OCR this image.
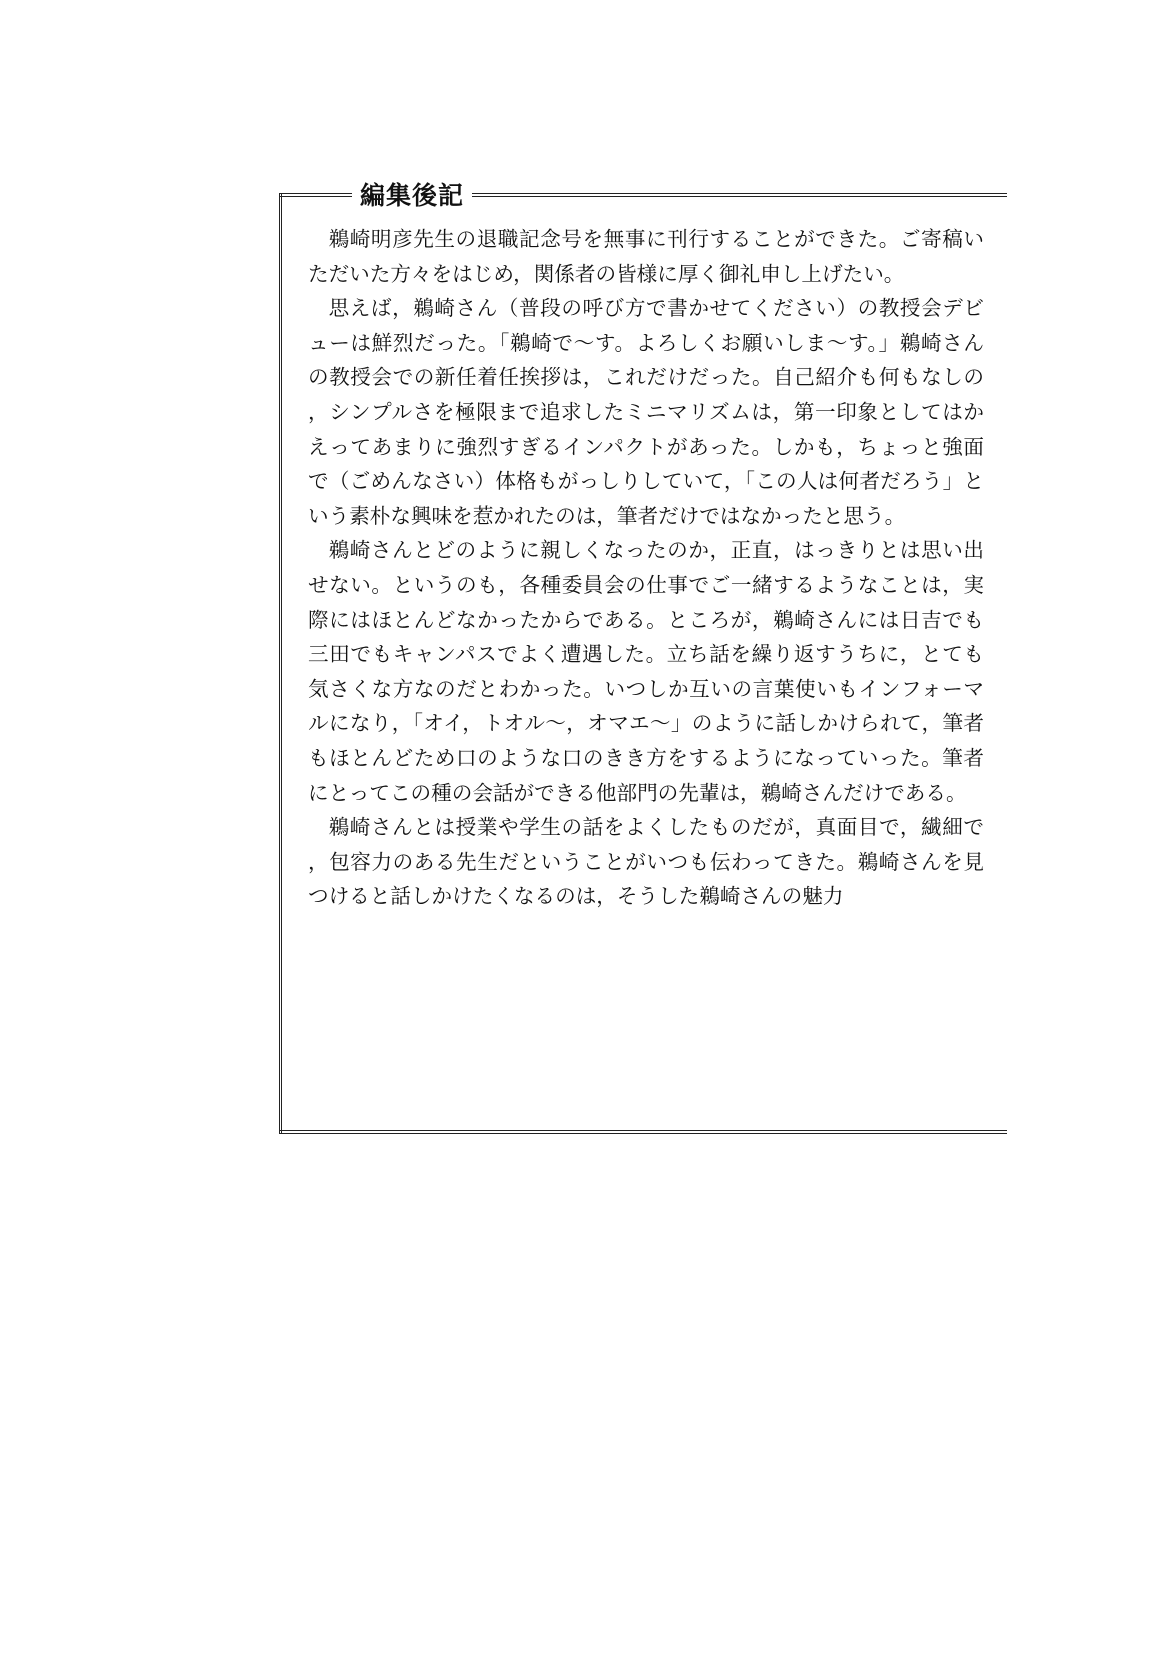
編集後記

鵜崎明彦先生の退職記念号を無事に刊行することができた。ご寄稿いただいた方々をはじめ，関係者の皆様に厚く御礼申し上げたい。

思えば，鵜崎さん（普段の呼び方で書かせてください）の教授会デビューは鮮烈だった。「鵜崎で〜す。よろしくお願いしま〜す。」鵜崎さんの教授会での新任着任挨拶は，これだけだった。自己紹介も何もなしの，シンプルさを極限まで追求したミニマリズムは，第一印象としてはかえってあまりに強烈すぎるインパクトがあった。しかも，ちょっと強面で（ごめんなさい）体格もがっしりしていて，「この人は何者だろう」という素朴な興味を惹かれたのは，筆者だけではなかったと思う。

鵜崎さんとどのように親しくなったのか，正直，はっきりとは思い出せない。というのも，各種委員会の仕事でご一緒するようなことは，実際にはほとんどなかったからである。ところが，鵜崎さんには日吉でも三田でもキャンパスでよく遭遇した。立ち話を繰り返すうちに，とても気さくな方なのだとわかった。いつしか互いの言葉使いもインフォーマルになり，「オイ，トオル〜，オマエ〜」のように話しかけられて，筆者もほとんどため口のような口のきき方をするようになっていった。筆者にとってこの種の会話ができる他部門の先輩は，鵜崎さんだけである。

鵜崎さんとは授業や学生の話をよくしたものだが，真面目で，繊細で，包容力のある先生だということがいつも伝わってきた。鵜崎さんを見つけると話しかけたくなるのは，そうした鵜崎さんの魅力
